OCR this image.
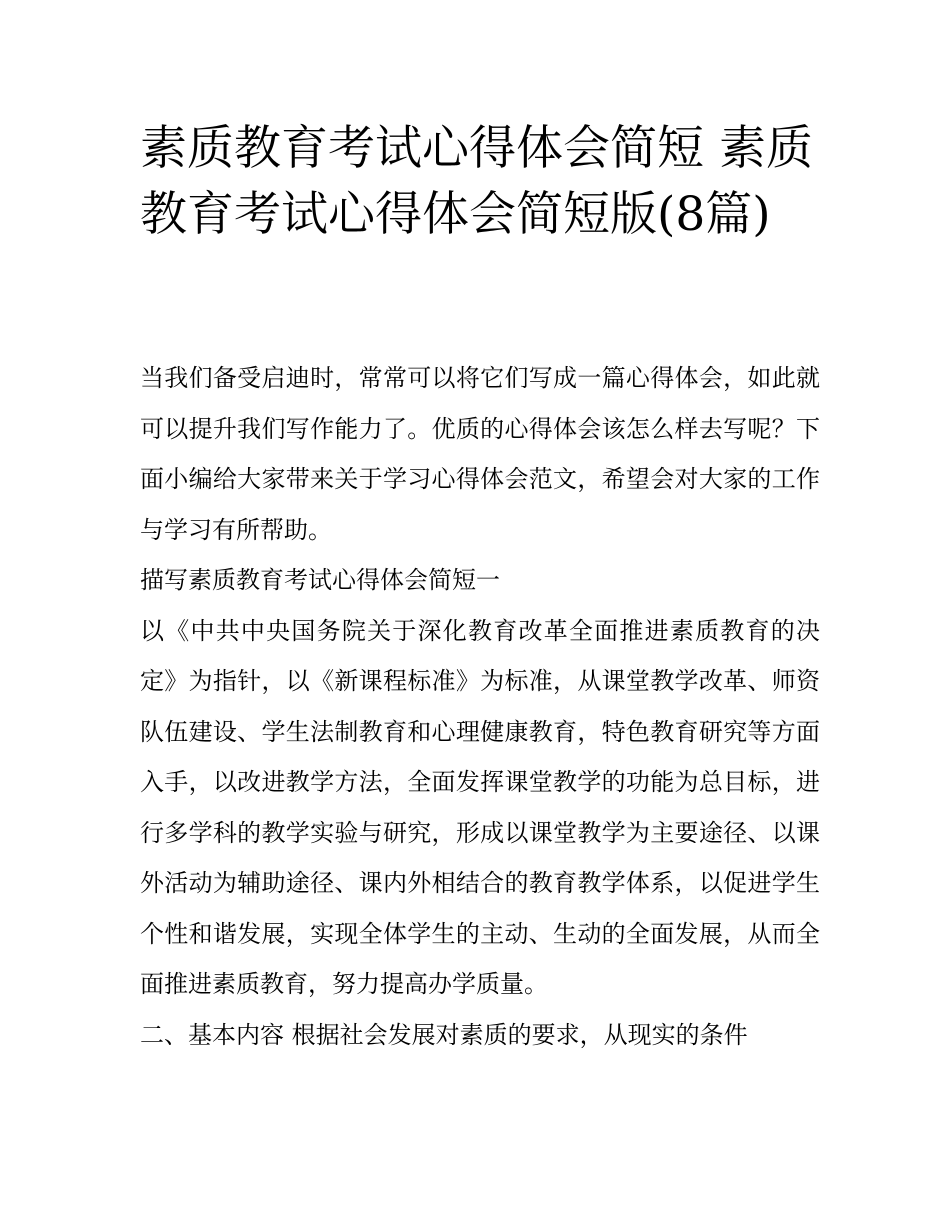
素质教育考试心得体会简短 素质教育考试心得体会简短版(8篇)

当我们备受启迪时，常常可以将它们写成一篇心得体会，如此就可以提升我们写作能力了。优质的心得体会该怎么样去写呢？下面小编给大家带来关于学习心得体会范文，希望会对大家的工作与学习有所帮助。

描写素质教育考试心得体会简短一

以《中共中央国务院关于深化教育改革全面推进素质教育的决定》为指针，以《新课程标准》为标准，从课堂教学改革、师资队伍建设、学生法制教育和心理健康教育，特色教育研究等方面入手，以改进教学方法，全面发挥课堂教学的功能为总目标，进行多学科的教学实验与研究，形成以课堂教学为主要途径、以课外活动为辅助途径、课内外相结合的教育教学体系，以促进学生个性和谐发展，实现全体学生的主动、生动的全面发展，从而全面推进素质教育，努力提高办学质量。

二、基本内容 根据社会发展对素质的要求，从现实的条件
